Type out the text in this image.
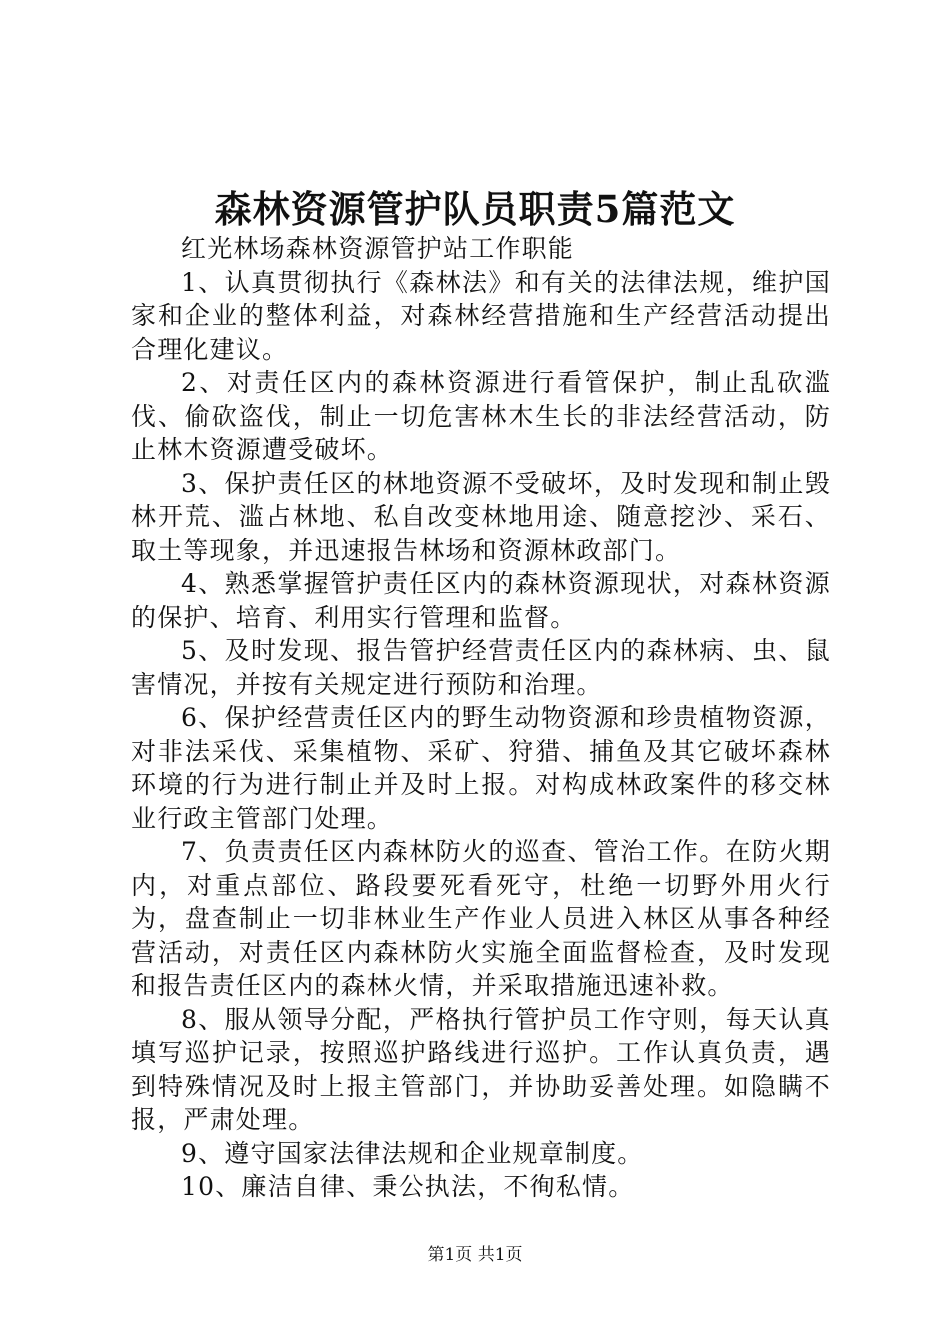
森林资源管护队员职责5篇范文

红光林场森林资源管护站工作职能

1、认真贯彻执行《森林法》和有关的法律法规，维护国家和企业的整体利益，对森林经营措施和生产经营活动提出合理化建议。

2、对责任区内的森林资源进行看管保护，制止乱砍滥伐、偷砍盗伐，制止一切危害林木生长的非法经营活动，防止林木资源遭受破坏。

3、保护责任区的林地资源不受破坏，及时发现和制止毁林开荒、滥占林地、私自改变林地用途、随意挖沙、采石、取土等现象，并迅速报告林场和资源林政部门。

4、熟悉掌握管护责任区内的森林资源现状，对森林资源的保护、培育、利用实行管理和监督。

5、及时发现、报告管护经营责任区内的森林病、虫、鼠害情况，并按有关规定进行预防和治理。

6、保护经营责任区内的野生动物资源和珍贵植物资源，对非法采伐、采集植物、采矿、狩猎、捕鱼及其它破坏森林环境的行为进行制止并及时上报。对构成林政案件的移交林业行政主管部门处理。

7、负责责任区内森林防火的巡查、管治工作。在防火期内，对重点部位、路段要死看死守，杜绝一切野外用火行为，盘查制止一切非林业生产作业人员进入林区从事各种经营活动，对责任区内森林防火实施全面监督检查，及时发现和报告责任区内的森林火情，并采取措施迅速补救。

8、服从领导分配，严格执行管护员工作守则，每天认真填写巡护记录，按照巡护路线进行巡护。工作认真负责，遇到特殊情况及时上报主管部门，并协助妥善处理。如隐瞒不报，严肃处理。

9、遵守国家法律法规和企业规章制度。

10、廉洁自律、秉公执法，不徇私情。

第1页 共1页
